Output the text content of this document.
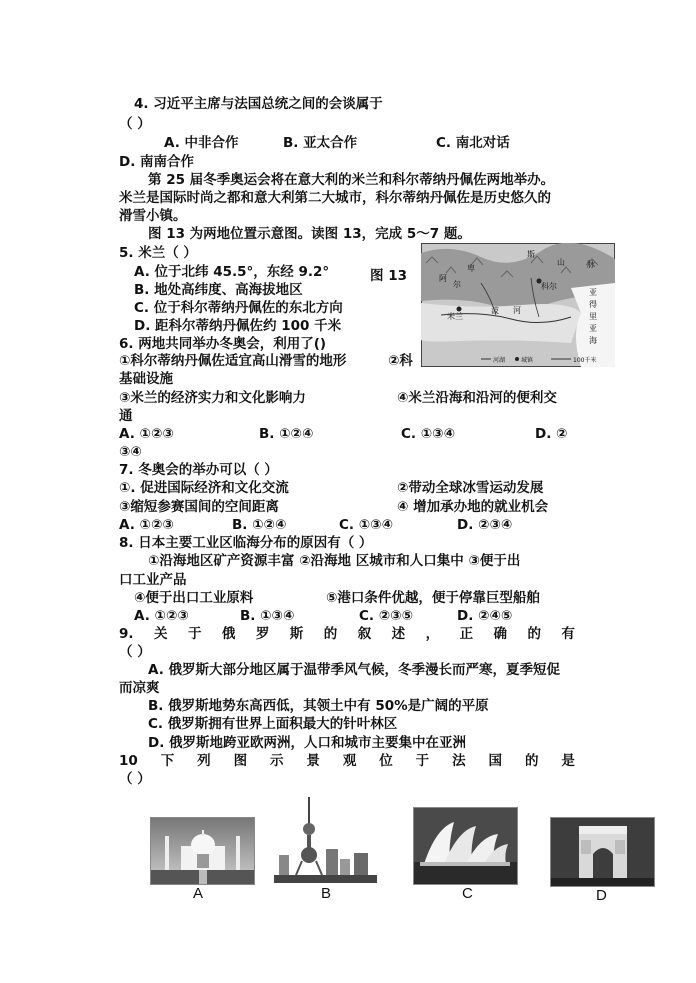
4. 习近平主席与法国总统之间的会谈属于
（ ）
A. 中非合作	B. 亚太合作	C. 南北对话
D. 南南合作
第 25 届冬季奥运会将在意大利的米兰和科尔蒂纳丹佩佐两地举办。
米兰是国际时尚之都和意大利第二大城市，科尔蒂纳丹佩佐是历史悠久的
滑雪小镇。
图 13 为两地位置示意图。读图 13，完成 5～7 题。
5. 米兰（ ）
A. 位于北纬 45.5°，东经 9.2°
B. 地处高纬度、高海拔地区
C. 位于科尔蒂纳丹佩佐的东北方向
D. 距科尔蒂纳丹佩佐约 100 千米
图 13	卑
斯
山	脉
阿
尔
米兰
波 河
科尔
亚
得
里
亚
海
河湖	城镇	100千米
6. 两地共同举办冬奥会，利用了()
①科尔蒂纳丹佩佐适宜高山滑雪的地形	②科
基础设施
③米兰的经济实力和文化影响力	④米兰沿海和沿河的便利交
通
A. ①②③	B. ①②④	C. ①③④	D. ②
③④
7. 冬奥会的举办可以（ ）
①. 促进国际经济和文化交流	②带动全球冰雪运动发展
③缩短参赛国间的空间距离	④ 增加承办地的就业机会
A. ①②③	B. ①②④	C. ①③④	D. ②③④
8. 日本主要工业区临海分布的原因有（ ）
①沿海地区矿产资源丰富 ②沿海地 区城市和人口集中 ③便于出
口工业产品
④便于出口工业原料	⑤港口条件优越，便于停靠巨型船舶
A. ①②③	B. ①③④	C. ②③⑤	D. ②④⑤
9. 关 于 俄 罗 斯 的 叙 述 ， 正 确 的 有
（ ）
A. 俄罗斯大部分地区属于温带季风气候，冬季漫长而严寒，夏季短促
而凉爽
B. 俄罗斯地势东高西低，其领土中有 50%是广阔的平原
C. 俄罗斯拥有世界上面积最大的针叶林区
D. 俄罗斯地跨亚欧两洲，人口和城市主要集中在亚洲
10 下 列 图 示 景 观 位 于 法 国 的 是
（ ）
A	B	C	D
